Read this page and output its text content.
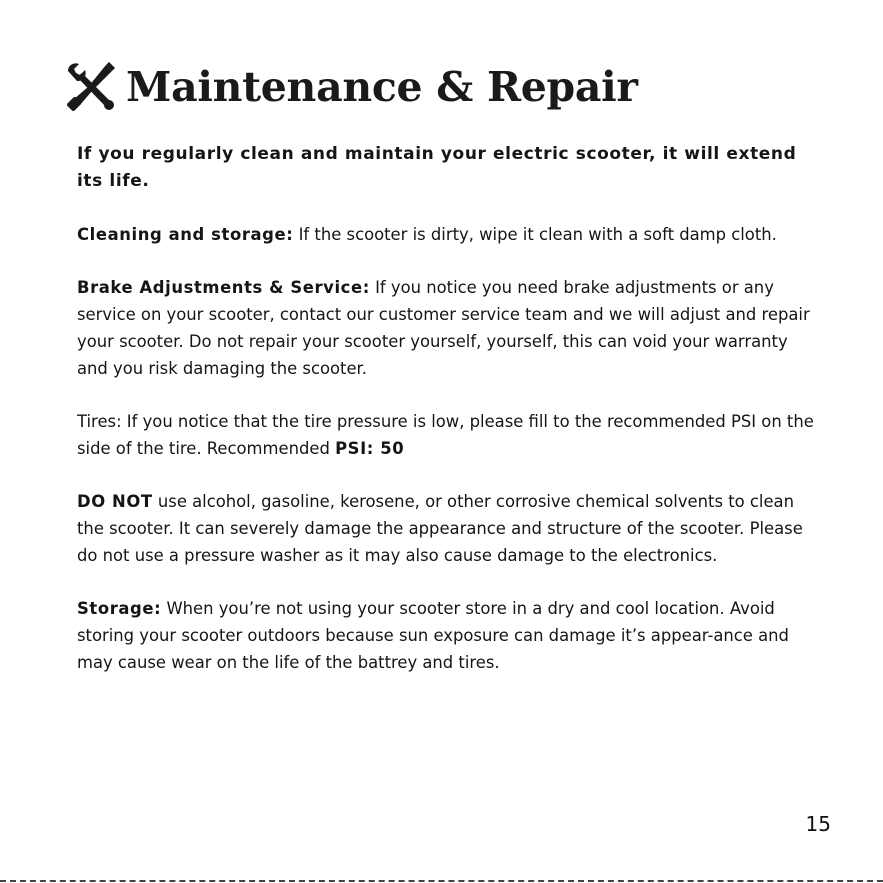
Maintenance & Repair

If you regularly clean and maintain your electric scooter, it will extend its life.

Cleaning and storage: If the scooter is dirty, wipe it clean with a soft damp cloth.

Brake Adjustments & Service: If you notice you need brake adjustments or any service on your scooter, contact our customer service team and we will adjust and repair your scooter. Do not repair your scooter yourself, yourself, this can void your warranty and you risk damaging the scooter.

Tires: If you notice that the tire pressure is low, please fill to the recommended PSI on the side of the tire. Recommended PSI: 50

DO NOT use alcohol, gasoline, kerosene, or other corrosive chemical solvents to clean the scooter. It can severely damage the appearance and structure of the scooter. Please do not use a pressure washer as it may also cause damage to the electronics.

Storage: When you’re not using your scooter store in a dry and cool location. Avoid storing your scooter outdoors because sun exposure can damage it’s appear-ance and may cause wear on the life of the battrey and tires.

15
